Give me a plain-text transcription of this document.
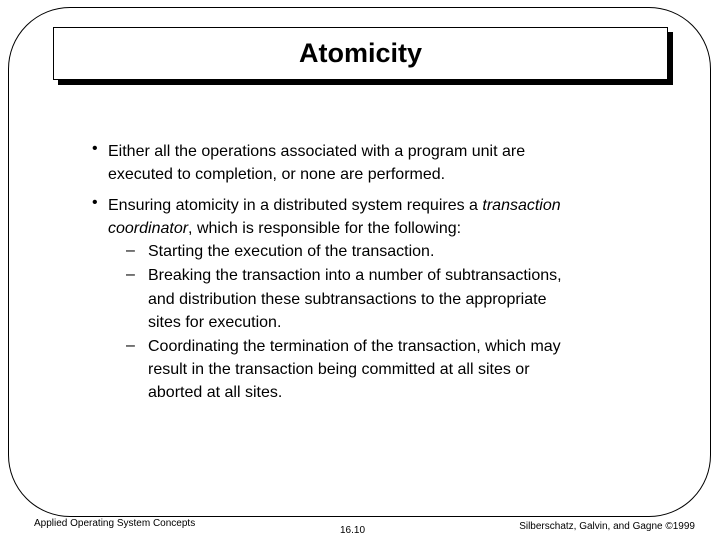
Atomicity
• Either all the operations associated with a program unit are
executed to completion, or none are performed.
• Ensuring atomicity in a distributed system requires a transaction
coordinator, which is responsible for the following:
– Starting the execution of the transaction.
– Breaking the transaction into a number of subtransactions,
and distribution these subtransactions to the appropriate
sites for execution.
– Coordinating the termination of the transaction, which may
result in the transaction being committed at all sites or
aborted at all sites.
Applied Operating System Concepts
16.10	Silberschatz, Galvin, and Gagne ©1999
